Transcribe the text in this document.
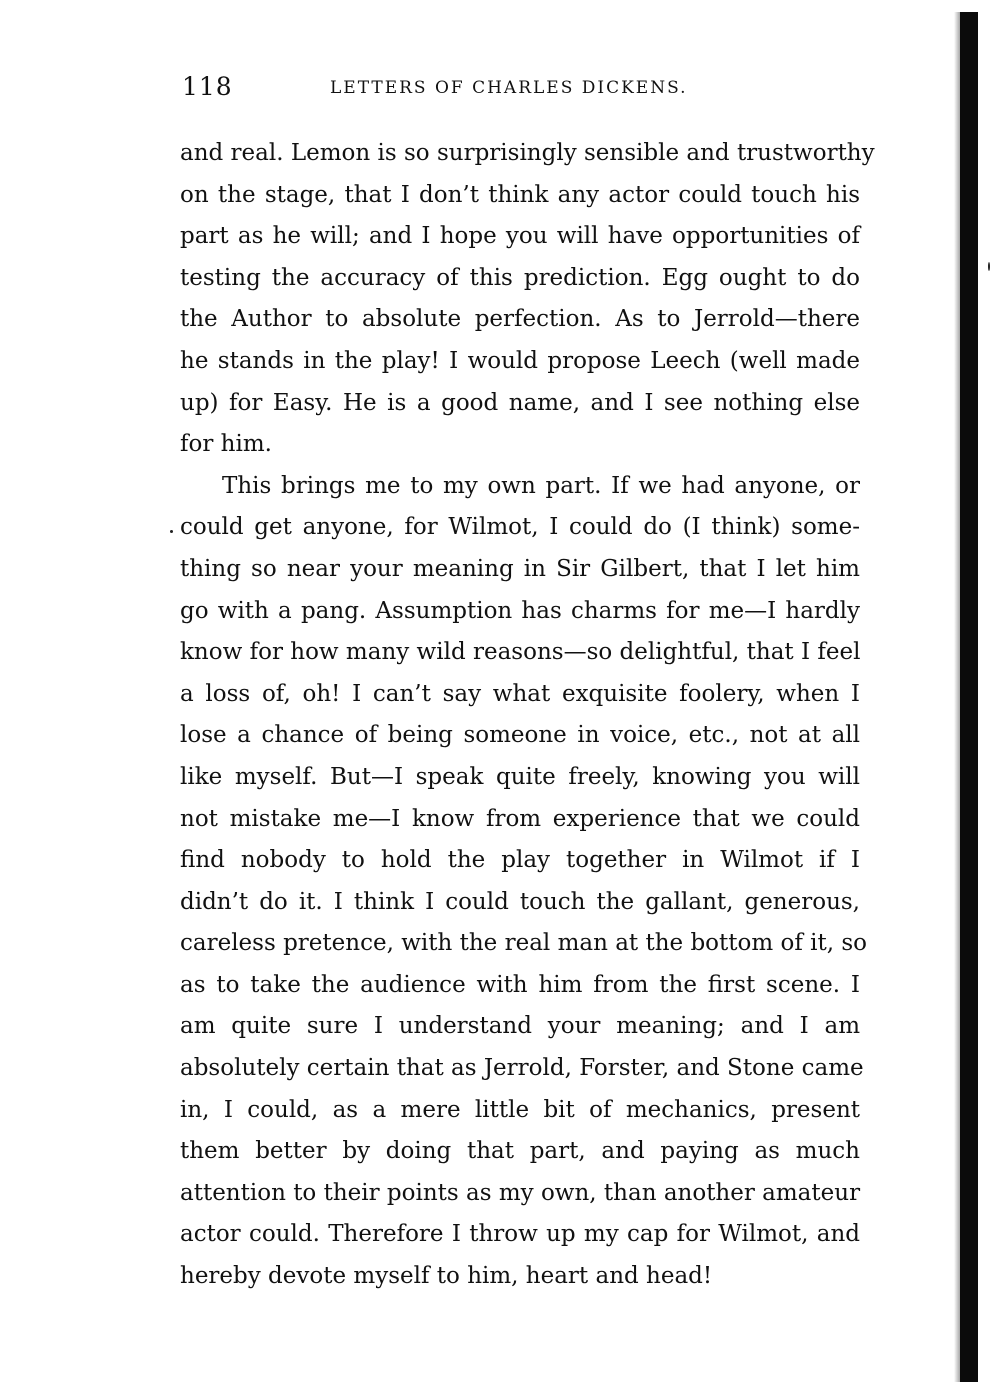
118	LETTERS OF CHARLES DICKENS.
and real. Lemon is so surprisingly sensible and trustworthy
on the stage, that I don’t think any actor could touch his
part as he will; and I hope you will have opportunities of
testing the accuracy of this prediction. Egg ought to do
the Author to absolute perfection. As to Jerrold—there
he stands in the play! I would propose Leech (well made
up) for Easy. He is a good name, and I see nothing else
for him.
This brings me to my own part. If we had anyone, or
could get anyone, for Wilmot, I could do (I think) some-
thing so near your meaning in Sir Gilbert, that I let him
go with a pang. Assumption has charms for me—I hardly
know for how many wild reasons—so delightful, that I feel
a loss of, oh! I can’t say what exquisite foolery, when I
lose a chance of being someone in voice, etc., not at all
like myself. But—I speak quite freely, knowing you will
not mistake me—I know from experience that we could
find nobody to hold the play together in Wilmot if I
didn’t do it. I think I could touch the gallant, generous,
careless pretence, with the real man at the bottom of it, so
as to take the audience with him from the first scene. I
am quite sure I understand your meaning; and I am
absolutely certain that as Jerrold, Forster, and Stone came
in, I could, as a mere little bit of mechanics, present
them better by doing that part, and paying as much
attention to their points as my own, than another amateur
actor could. Therefore I throw up my cap for Wilmot, and
hereby devote myself to him, heart and head!
